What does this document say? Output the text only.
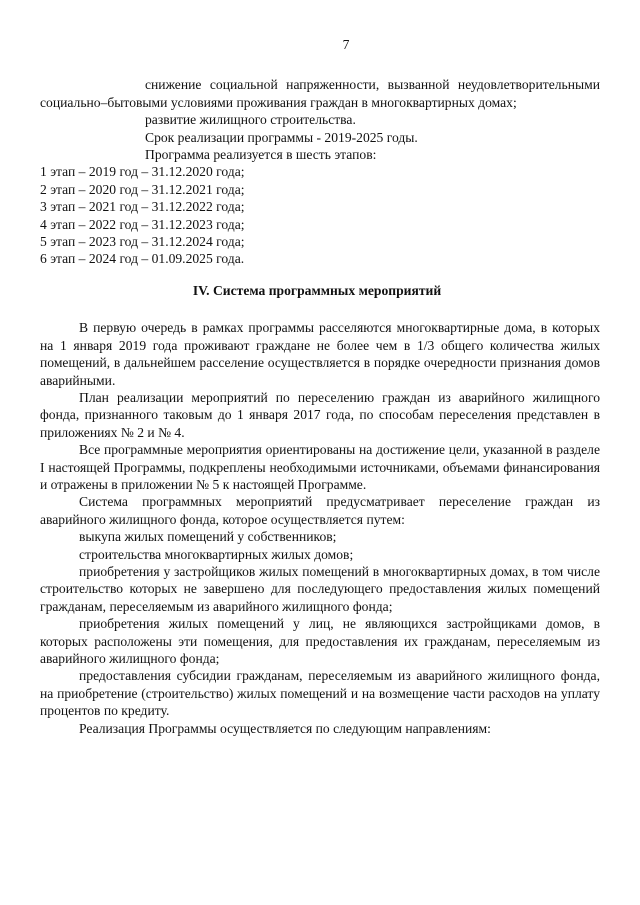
7

снижение социальной напряженности, вызванной неудовлетворительными социально–бытовыми условиями проживания граждан в многоквартирных домах;

развитие жилищного строительства.

Срок реализации программы - 2019-2025 годы.

Программа реализуется в шесть этапов:

1 этап – 2019 год – 31.12.2020 года;

2 этап – 2020 год – 31.12.2021 года;

3 этап – 2021 год – 31.12.2022 года;

4 этап – 2022 год – 31.12.2023 года;

5 этап – 2023 год – 31.12.2024 года;

6 этап – 2024 год – 01.09.2025 года.

IV. Система программных мероприятий

В первую очередь в рамках программы расселяются многоквартирные дома, в которых на 1 января 2019 года проживают граждане не более чем в 1/3 общего количества жилых помещений, в дальнейшем расселение осуществляется в порядке очередности признания домов аварийными.

План реализации мероприятий по переселению граждан из аварийного жилищного фонда, признанного таковым до 1 января 2017 года, по способам переселения представлен в приложениях № 2 и № 4.

Все программные мероприятия ориентированы на достижение цели, указанной в разделе I настоящей Программы, подкреплены необходимыми источниками, объемами финансирования и отражены в приложении № 5 к настоящей Программе.

Система программных мероприятий предусматривает переселение граждан из аварийного жилищного фонда, которое осуществляется путем:

выкупа жилых помещений у собственников;

строительства многоквартирных жилых домов;

приобретения у застройщиков жилых помещений в многоквартирных домах, в том числе строительство которых не завершено для последующего предоставления жилых помещений гражданам, переселяемым из аварийного жилищного фонда;

приобретения жилых помещений у лиц, не являющихся застройщиками домов, в которых расположены эти помещения, для предоставления их гражданам, переселяемым из аварийного жилищного фонда;

предоставления субсидии гражданам, переселяемым из аварийного жилищного фонда, на приобретение (строительство) жилых помещений и на возмещение части расходов на уплату процентов по кредиту.

Реализация Программы осуществляется по следующим направлениям:
